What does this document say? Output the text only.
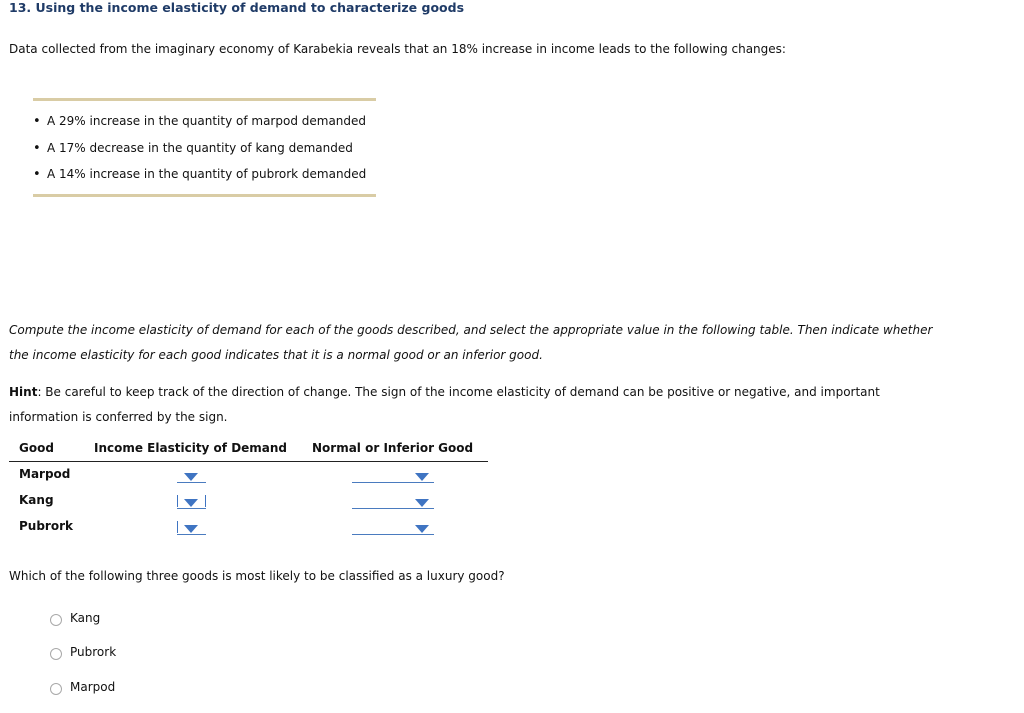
13. Using the income elasticity of demand to characterize goods
Data collected from the imaginary economy of Karabekia reveals that an 18% increase in income leads to the following changes:
• A 29% increase in the quantity of marpod demanded
• A 17% decrease in the quantity of kang demanded
• A 14% increase in the quantity of pubrork demanded
Compute the income elasticity of demand for each of the goods described, and select the appropriate value in the following table. Then indicate whether the income elasticity for each good indicates that it is a normal good or an inferior good.
Hint: Be careful to keep track of the direction of change. The sign of the income elasticity of demand can be positive or negative, and important information is conferred by the sign.
Good	Income Elasticity of Demand Normal or Inferior Good
Marpod
Kang
Pubrork
Which of the following three goods is most likely to be classified as a luxury good?
Kang
Pubrork
Marpod
